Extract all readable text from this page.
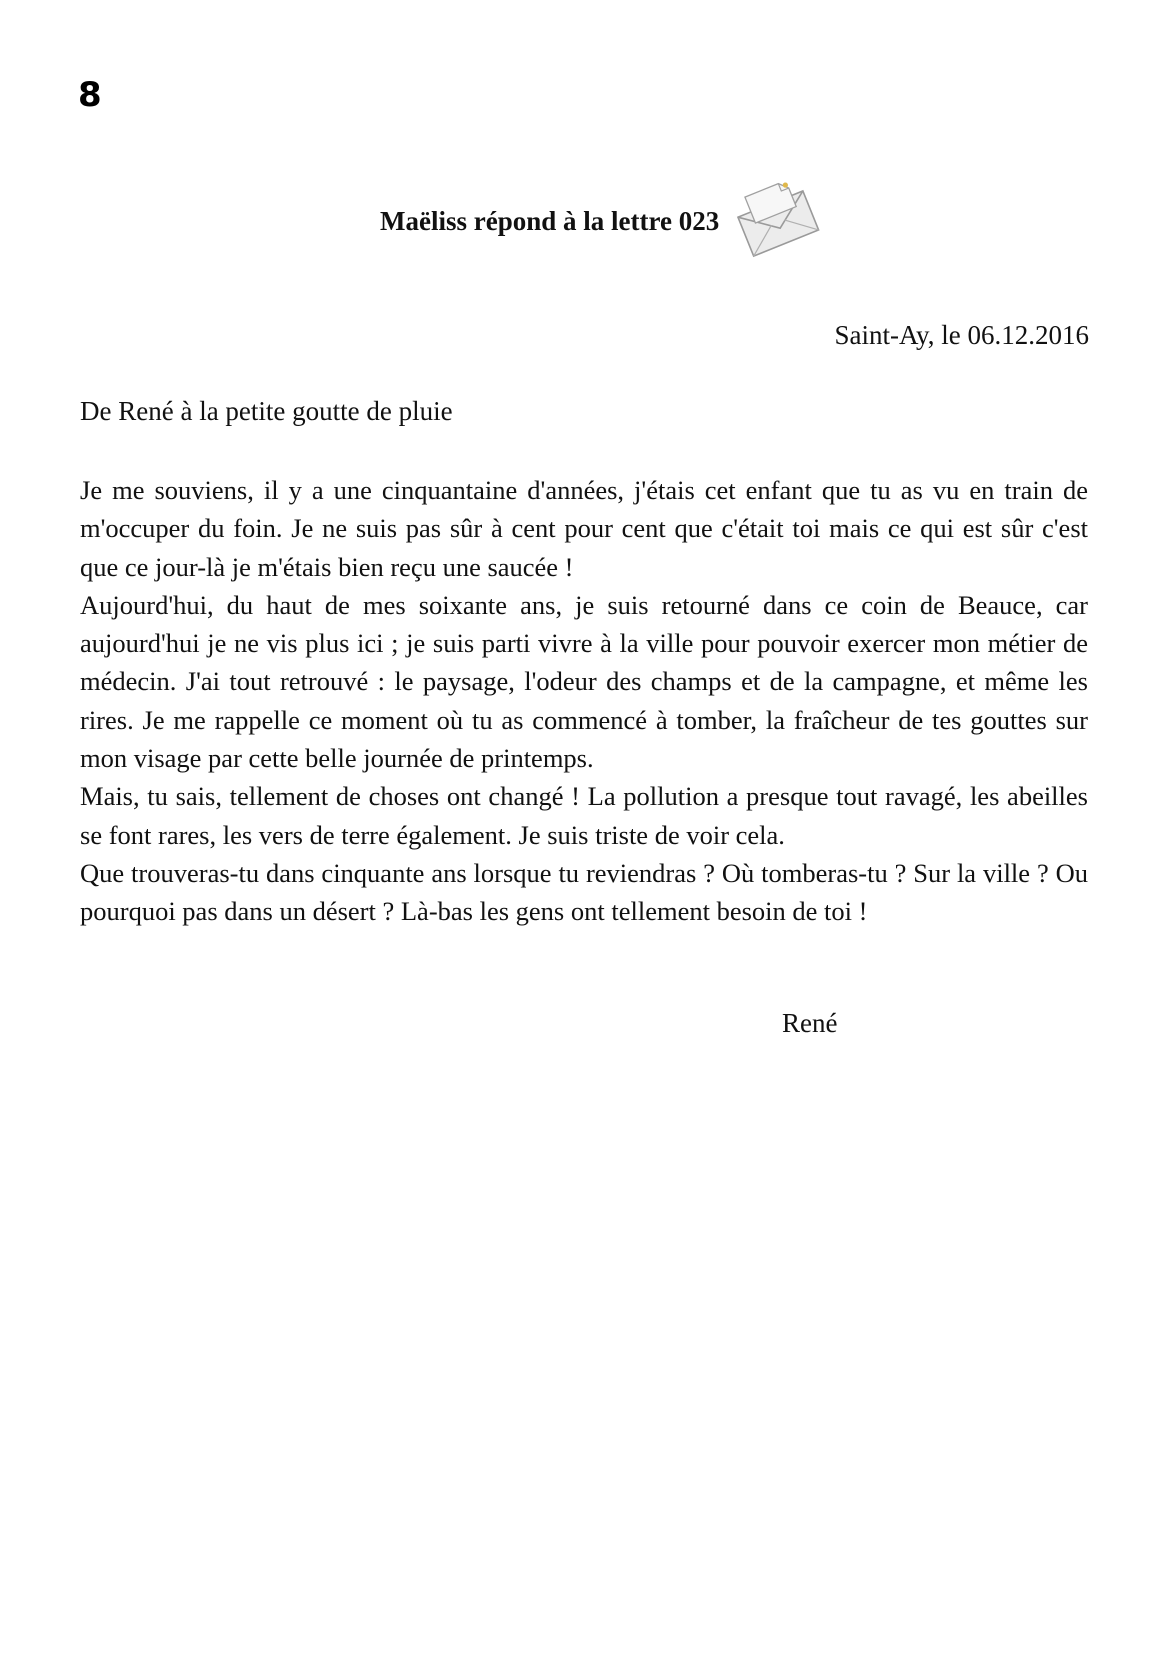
8
Maëliss répond à la lettre 023
Saint-Ay, le 06.12.2016
De René à la petite goutte de pluie

Je me souviens, il y a une cinquantaine d'années, j'étais cet enfant que tu as vu en train de m'occuper du foin. Je ne suis pas sûr à cent pour cent que c'était toi mais ce qui est sûr c'est que ce jour-là je m'étais bien reçu une saucée !

Aujourd'hui, du haut de mes soixante ans, je suis retourné dans ce coin de Beauce, car aujourd'hui je ne vis plus ici ; je suis parti vivre à la ville pour pouvoir exercer mon métier de médecin. J'ai tout retrouvé : le paysage, l'odeur des champs et de la campagne, et même les rires. Je me rappelle ce moment où tu as commencé à tomber, la fraîcheur de tes gouttes sur mon visage par cette belle journée de printemps.

Mais, tu sais, tellement de choses ont changé ! La pollution a presque tout ravagé, les abeilles se font rares, les vers de terre également. Je suis triste de voir cela.

Que trouveras-tu dans cinquante ans lorsque tu reviendras ? Où tomberas-tu ? Sur la ville ? Ou pourquoi pas dans un désert ? Là-bas les gens ont tellement besoin de toi !

René
